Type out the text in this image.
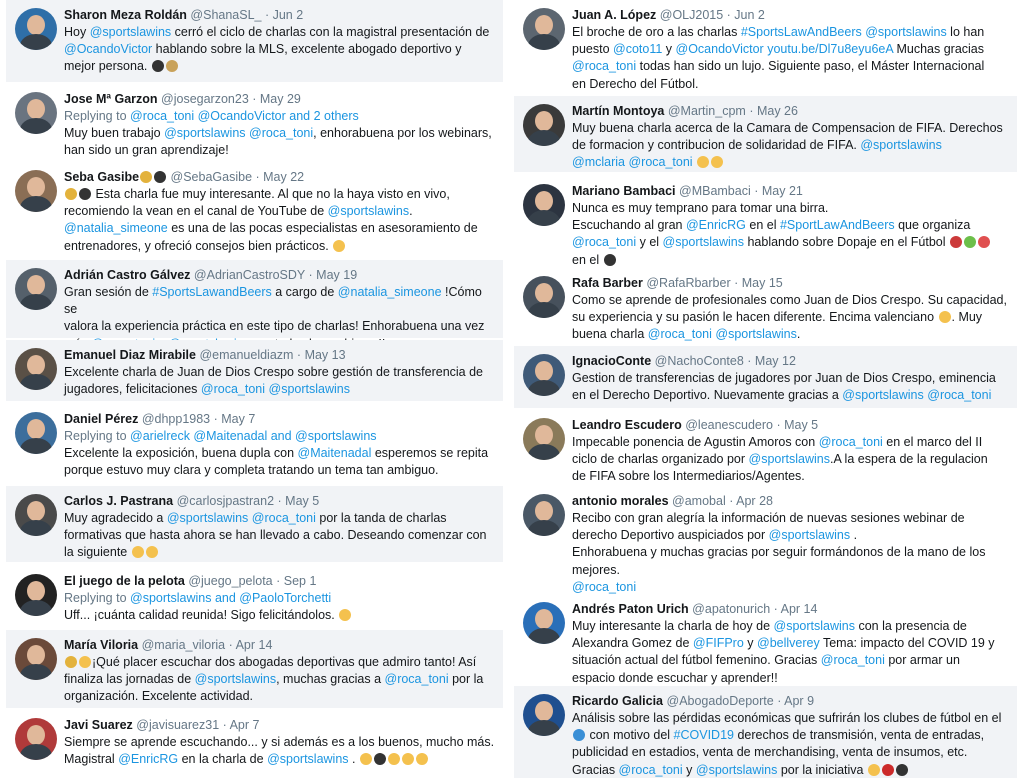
Sharon Meza Roldán @ShanaSL_ · Jun 2
Hoy @sportslawins cerró el ciclo de charlas con la magistral presentación de
@OcandoVictor hablando sobre la MLS, excelente abogado deportivo y
mejor persona.
Jose Mª Garzon @josegarzon23 · May 29
Replying to @roca_toni @OcandoVictor and 2 others
Muy buen trabajo @sportslawins @roca_toni, enhorabuena por los webinars,
han sido un gran aprendizaje!
Seba Gasibe	@SebaGasibe · May 22
Esta charla fue muy interesante. Al que no la haya visto en vivo,
recomiendo la vean en el canal de YouTube de @sportslawins.
@natalia_simeone es una de las pocas especialistas en asesoramiento de
entrenadores, y ofreció consejos bien prácticos.
Adrián Castro Gálvez @AdrianCastroSDY · May 19
Gran sesión de #SportsLawandBeers a cargo de @natalia_simeone !Cómo se
valora la experiencia práctica en este tipo de charlas! Enhorabuena una vez
Emanuel Diaz Mirabile @emanueldiazm · May 13
Excelente charla de Juan de Dios Crespo sobre gestión de transferencia de
jugadores, felicitaciones @roca_toni @sportslawins
Daniel Pérez @dhpp1983 · May 7
Replying to @arielreck @Maitenadal and @sportslawins
Excelente la exposición, buena dupla con @Maitenadal esperemos se repita
porque estuvo muy clara y completa tratando un tema tan ambiguo.
Carlos J. Pastrana @carlosjpastran2 · May 5
Muy agradecido a @sportslawins @roca_toni por la tanda de charlas
formativas que hasta ahora se han llevado a cabo. Deseando comenzar con
la siguiente
El juego de la pelota @juego_pelota · Sep 1
Replying to @sportslawins and @PaoloTorchetti
Uff... ¡cuánta calidad reunida! Sigo felicitándolos.
María Viloria @maria_viloria · Apr 14
¡Qué placer escuchar dos abogadas deportivas que admiro tanto! Así
finaliza las jornadas de @sportslawins, muchas gracias a @roca_toni por la
organización. Excelente actividad.
Javi Suarez @javisuarez31 · Apr 7
Siempre se aprende escuchando... y si además es a los buenos, mucho más.
Magistral @EnricRG en la charla de @sportslawins .
Juan A. López @OLJ2015 · Jun 2
El broche de oro a las charlas #SportsLawAndBeers @sportslawins lo han
puesto @coto11 y @OcandoVictor youtu.be/Dl7u8eyu6eA Muchas gracias
@roca_toni todas han sido un lujo. Siguiente paso, el Máster Internacional
en Derecho del Fútbol.
Martín Montoya @Martin_cpm · May 26
Muy buena charla acerca de la Camara de Compensacion de FIFA. Derechos
de formacion y contribucion de solidaridad de FIFA. @sportslawins
@mclaria @roca_toni
Mariano Bambaci @MBambaci · May 21
Nunca es muy temprano para tomar una birra.
Escuchando al gran @EnricRG en el #SportLawAndBeers que organiza
@roca_toni y el @sportslawins hablando sobre Dopaje en el Fútbol
en el
Rafa Barber @RafaRbarber · May 15
Como se aprende de profesionales como Juan de Dios Crespo. Su capacidad,
su experiencia y su pasión le hacen diferente. Encima valenciano . Muy
buena charla @roca_toni @sportslawins.
IgnacioConte @NachoConte8 · May 12
Gestion de transferencias de jugadores por Juan de Dios Crespo, eminencia
en el Derecho Deportivo. Nuevamente gracias a @sportslawins @roca_toni
Leandro Escudero @leanescudero · May 5
Impecable ponencia de Agustin Amoros con @roca_toni en el marco del II
ciclo de charlas organizado por @sportslawins.A la espera de la regulacion
de FIFA sobre los Intermediarios/Agentes.
antonio morales @amobal · Apr 28
Recibo con gran alegría la información de nuevas sesiones webinar de
derecho Deportivo auspiciados por @sportslawins .
Enhorabuena y muchas gracias por seguir formándonos de la mano de los
mejores.
@roca_toni
Andrés Paton Urich @apatonurich · Apr 14
Muy interesante la charla de hoy de @sportslawins con la presencia de
Alexandra Gomez de @FIFPro y @bellverey Tema: impacto del COVID 19 y
situación actual del fútbol femenino. Gracias @roca_toni por armar un
espacio donde escuchar y aprender!!
Ricardo Galicia @AbogadoDeporte · Apr 9
Análisis sobre las pérdidas económicas que sufrirán los clubes de fútbol en el
con motivo del #COVID19 derechos de transmisión, venta de entradas,
publicidad en estadios, venta de merchandising, venta de insumos, etc.
Gracias @roca_toni y @sportslawins por la iniciativa
